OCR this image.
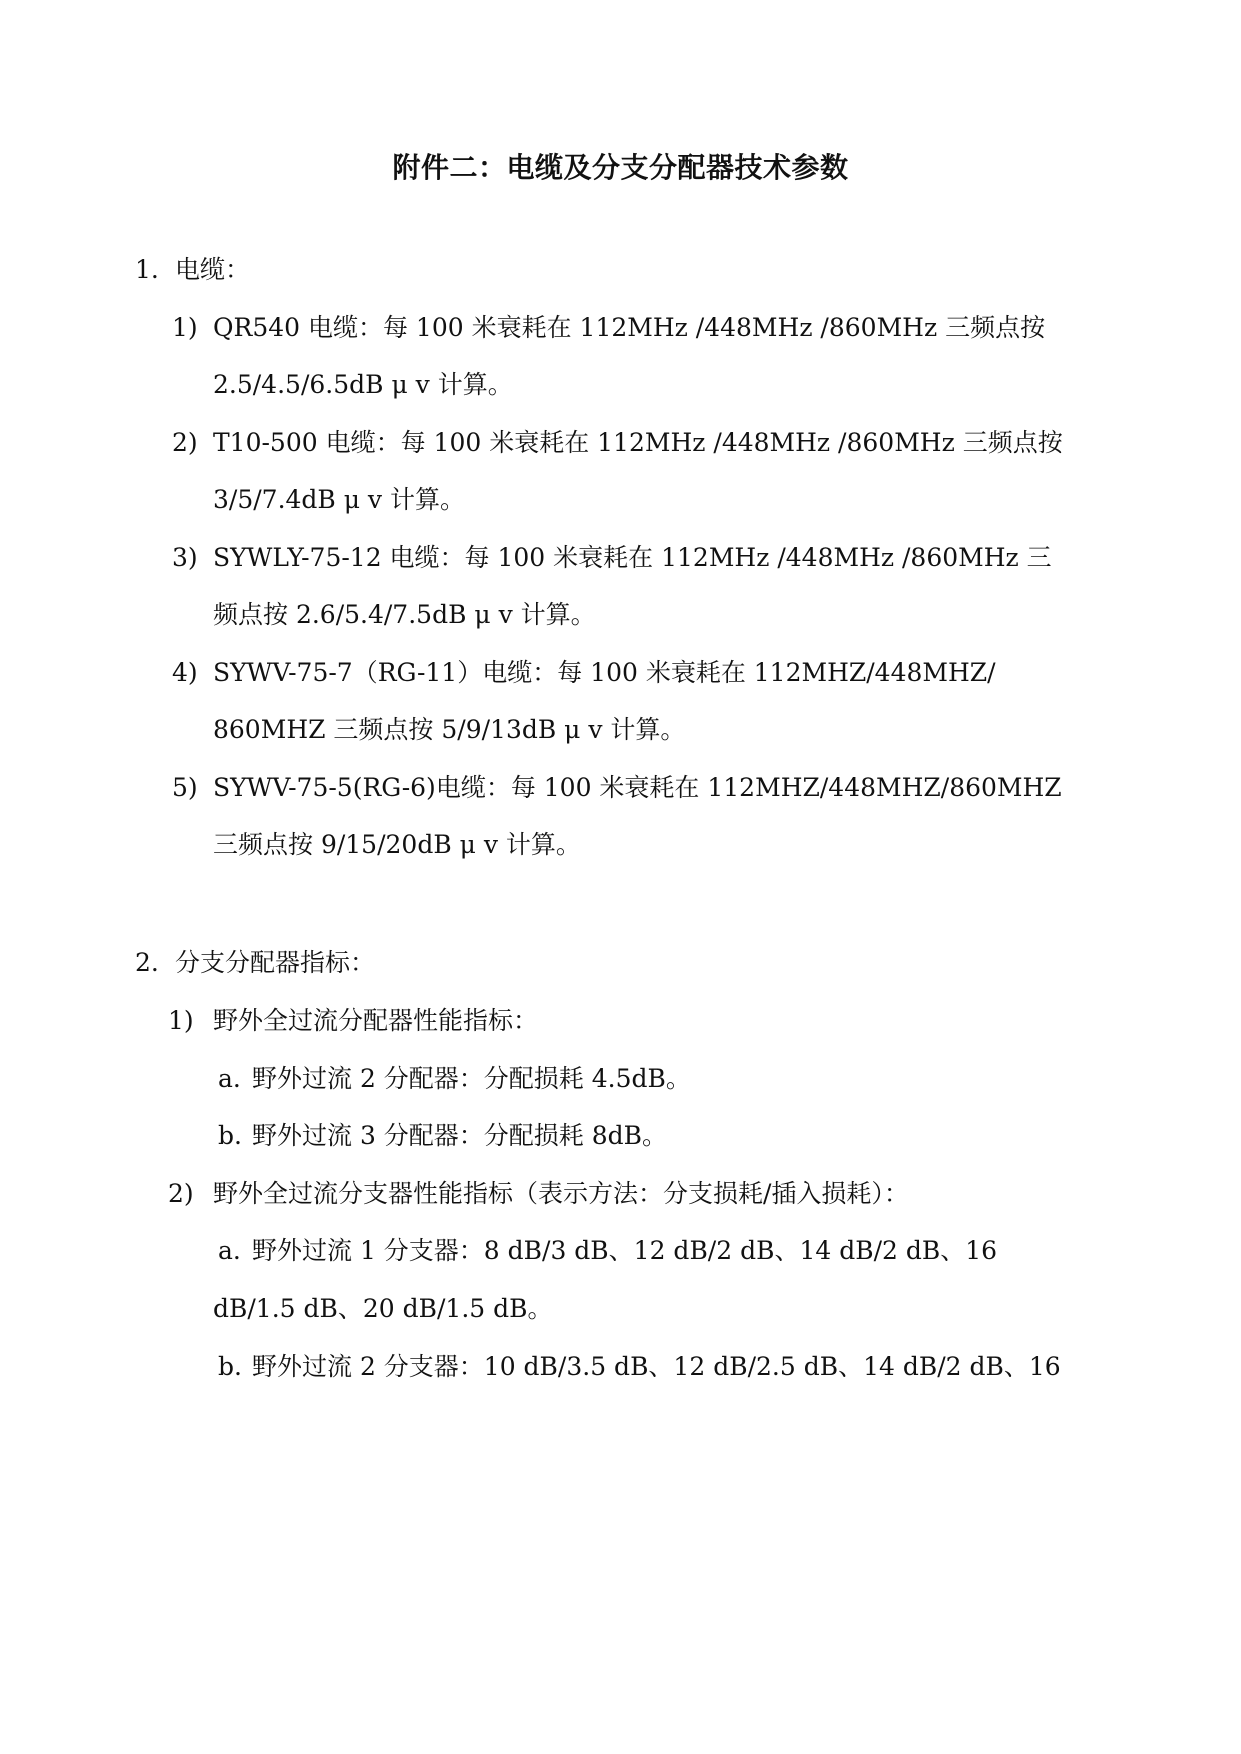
附件二：电缆及分支分配器技术参数
1. 电缆：
1) QR540 电缆：每 100 米衰耗在 112MHz /448MHz /860MHz 三频点按
2.5/4.5/6.5dB μ v 计算。
2) T10-500 电缆：每 100 米衰耗在 112MHz /448MHz /860MHz 三频点按
3/5/7.4dB μ v 计算。
3) SYWLY-75-12 电缆：每 100 米衰耗在 112MHz /448MHz /860MHz 三
频点按 2.6/5.4/7.5dB μ v 计算。
4) SYWV-75-7（RG-11）电缆：每 100 米衰耗在 112MHZ/448MHZ/
860MHZ 三频点按 5/9/13dB μ v 计算。
5) SYWV-75-5(RG-6)电缆：每 100 米衰耗在 112MHZ/448MHZ/860MHZ
三频点按 9/15/20dB μ v 计算。
2. 分支分配器指标：
1) 野外全过流分配器性能指标：
a. 野外过流 2 分配器：分配损耗 4.5dB。
b. 野外过流 3 分配器：分配损耗 8dB。
2) 野外全过流分支器性能指标（表示方法：分支损耗/插入损耗）：
a. 野外过流 1 分支器：8 dB/3 dB、12 dB/2 dB、14 dB/2 dB、16
dB/1.5 dB、20 dB/1.5 dB。
b. 野外过流 2 分支器：10 dB/3.5 dB、12 dB/2.5 dB、14 dB/2 dB、16
